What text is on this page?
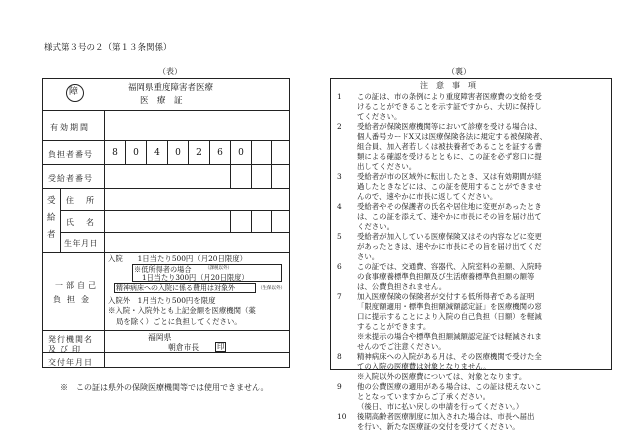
様式第３号の２（第１３条関係）
（表）
障	福岡県重度障害者医療
医　療　証
有効期間
負担者番号	8	0	4	0	2	6	0
受給者番号
受
給
者
住　所
氏　名
生年月日
一部自己
負担金
入院　　1日当たり500円（月20日限度）
※低所得者の場合	（課税以外）
1日当たり300円（月20日限度）
精神病床への入院に係る費用は対象外	（生保以外）
入院外　1月当たり500円を限度
※入院・入院外とも上記金額を医療機関（薬
局を除く）ごとに負担してください。
発行機関名
及び印
福岡県
朝倉市長 印
交付年月日
※　この証は県外の保険医療機関等では使用できません。
（裏）
注　意　事　項
1	この証は、市の条例により重度障害者医療費の支給を受
けることができることを示す証ですから、大切に保持し
てください。
2	受給者が保険医療機関等において診療を受ける場合は、
個人番号カードX又は医療保険各法に規定する被保険者、
組合員、加入者若しくは被扶養者であることを証する書
類による確認を受けるとともに、この証を必ず窓口に提
出してください。
3	受給者が市の区域外に転出したとき、又は有効期間が経
過したときなどには、この証を使用することができませ
んので、速やかに市長に返してください。
4	受給者やその保護者の氏名や居住地に変更があったとき
は、この証を添えて、速やかに市長にその旨を届け出て
ください。
5	受給者が加入している医療保険又はその内容などに変更
があったときは、速やかに市長にその旨を届け出てくだ
さい。
6	この証では、交通費、容器代、入院室料の差額、入院時
の食事療養標準負担額及び生活療養標準負担額の額等
は、公費負担されません。
7	加入医療保険の保険者が交付する低所得者である証明
「限度額適用・標準負担額減額認定証」を医療機関の窓
口に提示することにより入院の自己負担（日額）を軽減
することができます。
※未提示の場合や標準負担額減額認定証では軽減されま
せんのでご注意ください。
8	精神病床への入院がある月は、その医療機関で受けた全
ての入院の医療費は対象となりません。
※入院以外の医療費については、対象となります。
9	他の公費医療の適用がある場合は、この証は使えないこ
ととなっていますからご了承ください。
（後日、市に払い戻しの申請を行ってください。）
10	後期高齢者医療制度に加入された場合は、市長へ届出
を行い、新たな医療証の交付を受けてください。
